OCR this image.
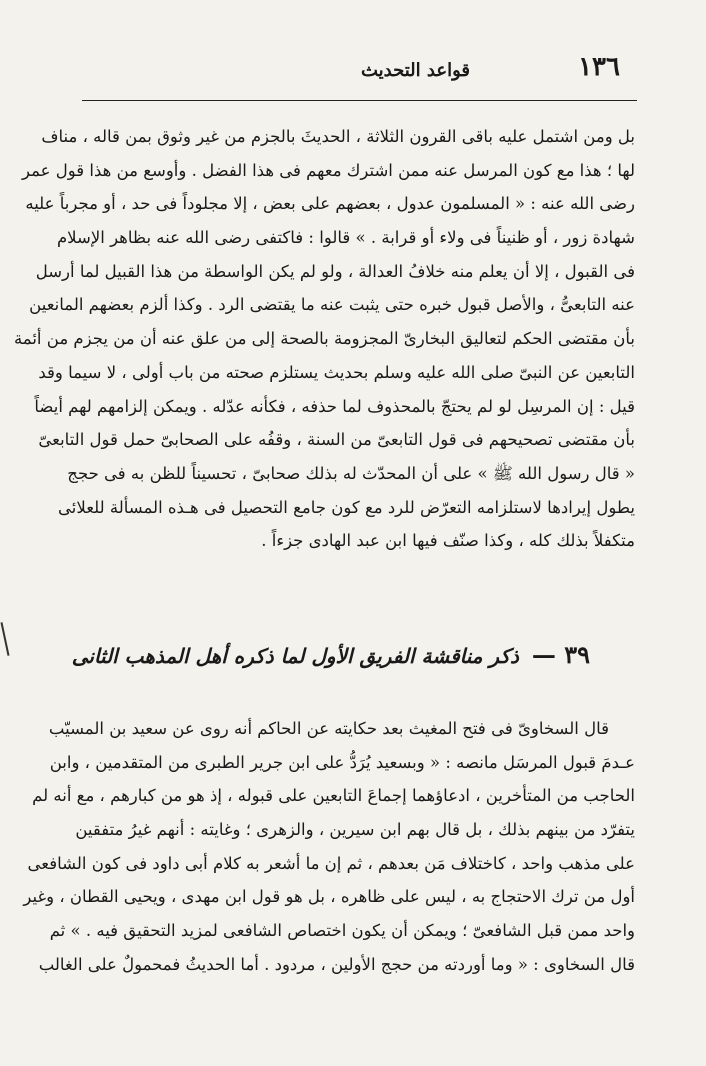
١٣٦
قواعد التحديث
بل ومن اشتمل عليه باقى القرون الثلاثة ، الحديثَ بالجزم من غير وثوق بمن قاله ، مناف
لها ؛ هذا مع كون المرسل عنه ممن اشترك معهم فى هذا الفضل . وأوسع من هذا قول عمر
رضى الله عنه : « المسلمون عدول ، بعضهم على بعض ، إلا مجلوداً فى حد ، أو مجرباً عليه
شهادة زور ، أو ظنيناً فى ولاء أو قرابة . » قالوا : فاكتفى رضى الله عنه بظاهر الإسلام
فى القبول ، إلا أن يعلم منه خلافُ العدالة ، ولو لم يكن الواسطة من هذا القبيل لما أرسل
عنه التابعىُّ ، والأصل قبول خبره حتى يثبت عنه ما يقتضى الرد . وكذا ألزم بعضهم المانعين
بأن مقتضى الحكم لتعاليق البخارىّ المجزومة بالصحة إلى من علق عنه أن من يجزم من أئمة
التابعين عن النبىّ صلى الله عليه وسلم بحديث يستلزم صحته من باب أولى ، لا سيما وقد
قيل : إن المرسِل لو لم يحتجّ بالمحذوف لما حذفه ، فكأنه عدّله . ويمكن إلزامهم لهم أيضاً
بأن مقتضى تصحيحهم فى قول التابعىّ من السنة ، وقفُه على الصحابىّ حمل قول التابعىّ
« قال رسول الله ﷺ » على أن المحدّث له بذلك صحابىّ ، تحسيناً للظن به فى حجج
يطول إيرادها لاستلزامه التعرّض للرد مع كون جامع التحصيل فى هـذه المسألة للعلائى
متكفلاً بذلك كله ، وكذا صنّف فيها ابن عبد الهادى جزءاً .
٣٩ — ذكر مناقشة الفريق الأول لما ذكره أهل المذهب الثانى
قال السخاوىّ فى فتح المغيث بعد حكايته عن الحاكم أنه روى عن سعيد بن المسيّب
عـدمَ قبول المرسَل مانصه : « وبسعيد يُرَدُّ على ابن جرير الطبرى من المتقدمين ، وابن
الحاجب من المتأخرين ، ادعاؤهما إجماعَ التابعين على قبوله ، إذ هو من كبارهم ، مع أنه لم
يتفرّد من بينهم بذلك ، بل قال بهم ابن سيرين ، والزهرى ؛ وغايته : أنهم غيرُ متفقين
على مذهب واحد ، كاختلاف مَن بعدهم ، ثم إن ما أشعر به كلام أبى داود فى كون الشافعى
أول من ترك الاحتجاج به ، ليس على ظاهره ، بل هو قول ابن مهدى ، ويحيى القطان ، وغير
واحد ممن قبل الشافعىّ ؛ ويمكن أن يكون اختصاص الشافعى لمزيد التحقيق فيه . » ثم
قال السخاوى : « وما أوردته من حجج الأولين ، مردود . أما الحديثُ فمحمولٌ على الغالب
